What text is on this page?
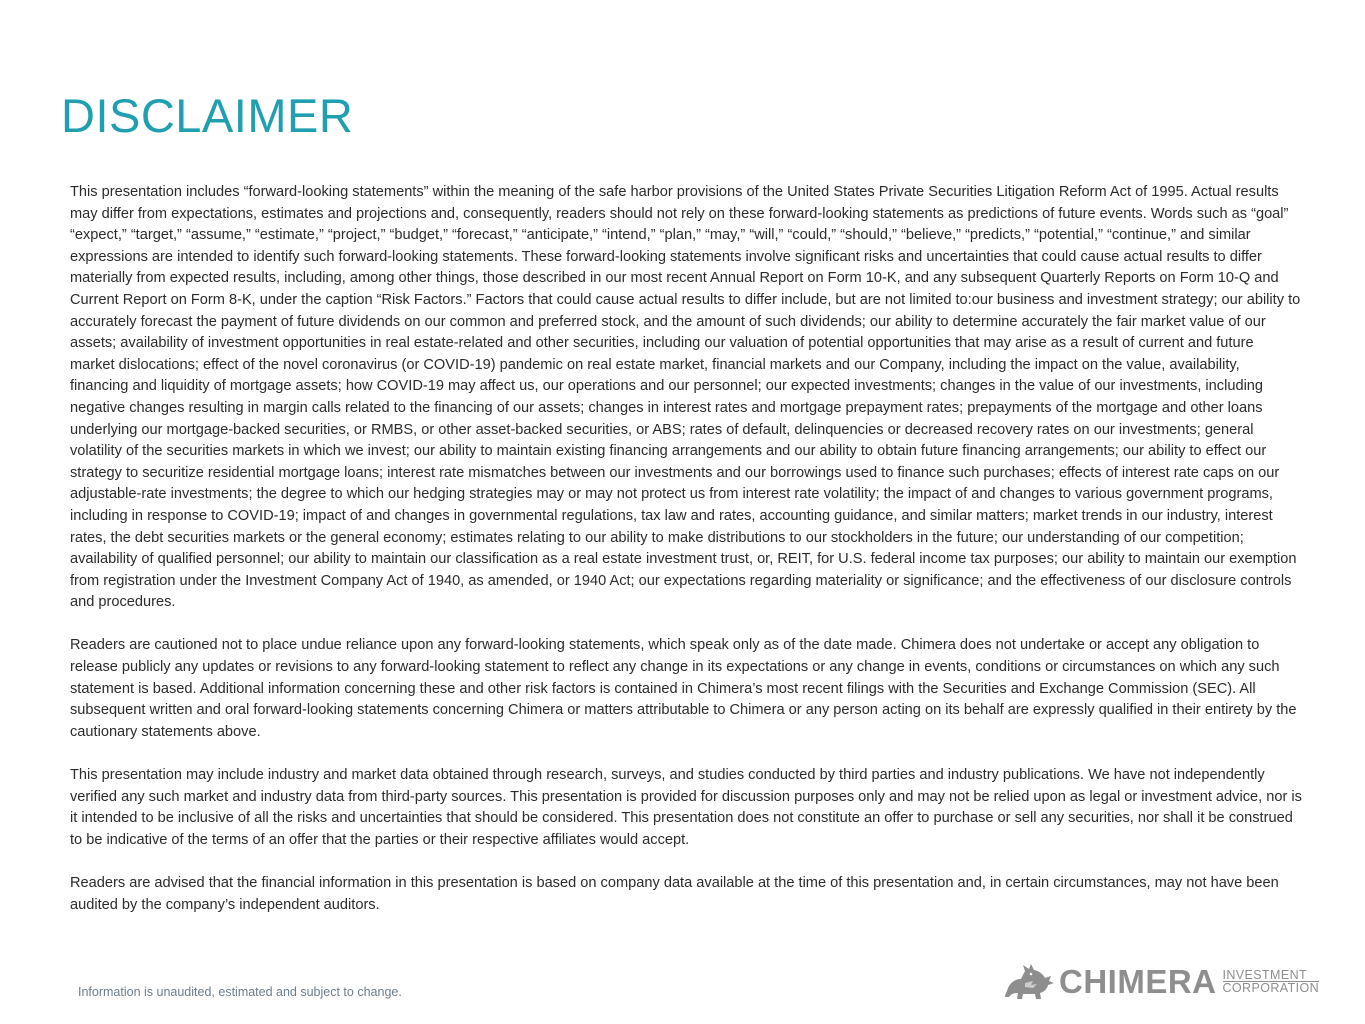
DISCLAIMER

This presentation includes “forward-looking statements” within the meaning of the safe harbor provisions of the United States Private Securities Litigation Reform Act of 1995. Actual results may differ from expectations, estimates and projections and, consequently, readers should not rely on these forward-looking statements as predictions of future events. Words such as “goal” “expect,” “target,” “assume,” “estimate,” “project,” “budget,” “forecast,” “anticipate,” “intend,” “plan,” “may,” “will,” “could,” “should,” “believe,” “predicts,” “potential,” “continue,” and similar expressions are intended to identify such forward-looking statements. These forward-looking statements involve significant risks and uncertainties that could cause actual results to differ materially from expected results, including, among other things, those described in our most recent Annual Report on Form 10-K, and any subsequent Quarterly Reports on Form 10-Q and Current Report on Form 8-K, under the caption “Risk Factors.” Factors that could cause actual results to differ include, but are not limited to:our business and investment strategy; our ability to accurately forecast the payment of future dividends on our common and preferred stock, and the amount of such dividends; our ability to determine accurately the fair market value of our assets; availability of investment opportunities in real estate-related and other securities, including our valuation of potential opportunities that may arise as a result of current and future market dislocations; effect of the novel coronavirus (or COVID-19) pandemic on real estate market, financial markets and our Company, including the impact on the value, availability, financing and liquidity of mortgage assets; how COVID-19 may affect us, our operations and our personnel; our expected investments; changes in the value of our investments, including negative changes resulting in margin calls related to the financing of our assets; changes in interest rates and mortgage prepayment rates; prepayments of the mortgage and other loans underlying our mortgage-backed securities, or RMBS, or other asset-backed securities, or ABS; rates of default, delinquencies or decreased recovery rates on our investments; general volatility of the securities markets in which we invest; our ability to maintain existing financing arrangements and our ability to obtain future financing arrangements; our ability to effect our strategy to securitize residential mortgage loans; interest rate mismatches between our investments and our borrowings used to finance such purchases; effects of interest rate caps on our adjustable-rate investments; the degree to which our hedging strategies may or may not protect us from interest rate volatility; the impact of and changes to various government programs, including in response to COVID-19; impact of and changes in governmental regulations, tax law and rates, accounting guidance, and similar matters; market trends in our industry, interest rates, the debt securities markets or the general economy; estimates relating to our ability to make distributions to our stockholders in the future; our understanding of our competition; availability of qualified personnel; our ability to maintain our classification as a real estate investment trust, or, REIT, for U.S. federal income tax purposes; our ability to maintain our exemption from registration under the Investment Company Act of 1940, as amended, or 1940 Act; our expectations regarding materiality or significance; and the effectiveness of our disclosure controls and procedures.

Readers are cautioned not to place undue reliance upon any forward-looking statements, which speak only as of the date made. Chimera does not undertake or accept any obligation to release publicly any updates or revisions to any forward-looking statement to reflect any change in its expectations or any change in events, conditions or circumstances on which any such statement is based. Additional information concerning these and other risk factors is contained in Chimera’s most recent filings with the Securities and Exchange Commission (SEC). All subsequent written and oral forward-looking statements concerning Chimera or matters attributable to Chimera or any person acting on its behalf are expressly qualified in their entirety by the cautionary statements above.

This presentation may include industry and market data obtained through research, surveys, and studies conducted by third parties and industry publications. We have not independently verified any such market and industry data from third-party sources. This presentation is provided for discussion purposes only and may not be relied upon as legal or investment advice, nor is it intended to be inclusive of all the risks and uncertainties that should be considered. This presentation does not constitute an offer to purchase or sell any securities, nor shall it be construed to be indicative of the terms of an offer that the parties or their respective affiliates would accept.

Readers are advised that the financial information in this presentation is based on company data available at the time of this presentation and, in certain circumstances, may not have been audited by the company’s independent auditors.

Information is unaudited, estimated and subject to change.	CHIMERA INVESTMENT
CORPORATION
